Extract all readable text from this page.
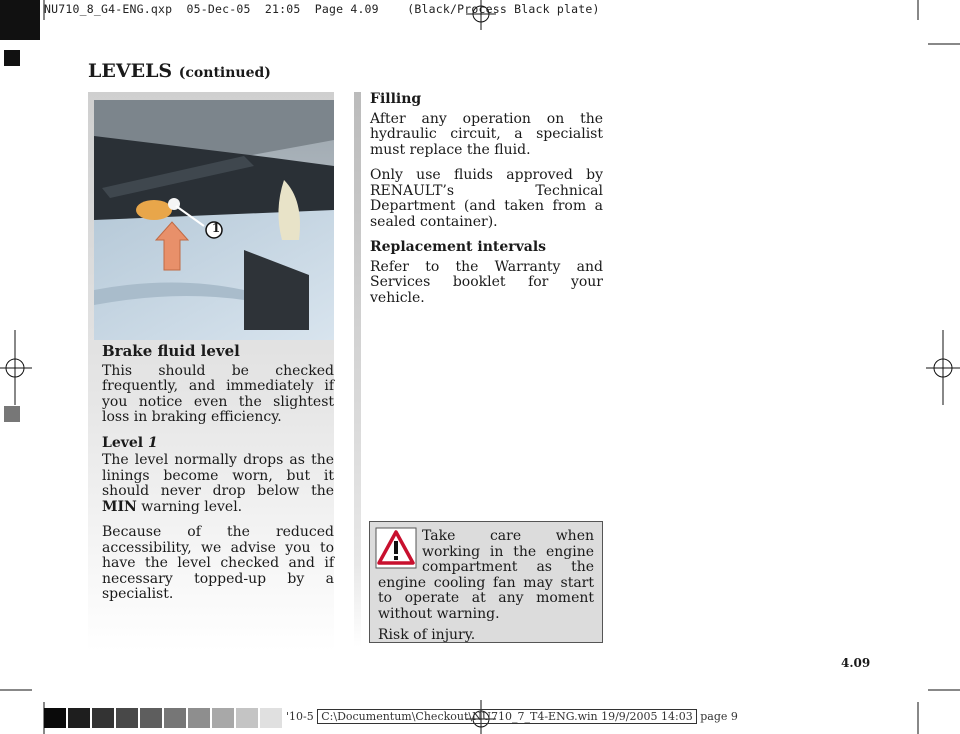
NU710_8_G4-ENG.qxp  05-Dec-05  21:05  Page 4.09    (Black/Process Black plate)
LEVELS (continued)
1
Brake fluid level

This should be checked frequently, and immediately if you notice even the slightest loss in braking efficiency.

Level 1

The level normally drops as the linings become worn, but it should never drop below the MIN warning level.

Because of the reduced accessibility, we advise you to have the level checked and if necessary topped-up by a specialist.

Filling

After any operation on the hydraulic circuit, a specialist must replace the fluid.

Only use fluids approved by RENAULT’s Technical Department (and taken from a sealed container).

Replacement intervals

Refer to the Warranty and Services booklet for your vehicle.

Take care when working in the engine compartment as the engine cooling fan may start to operate at any moment without warning.

Risk of injury.

4.09
'10-5 C:\Documentum\Checkout\NU710_7_T4-ENG.win 19/9/2005 14:03 page 9
